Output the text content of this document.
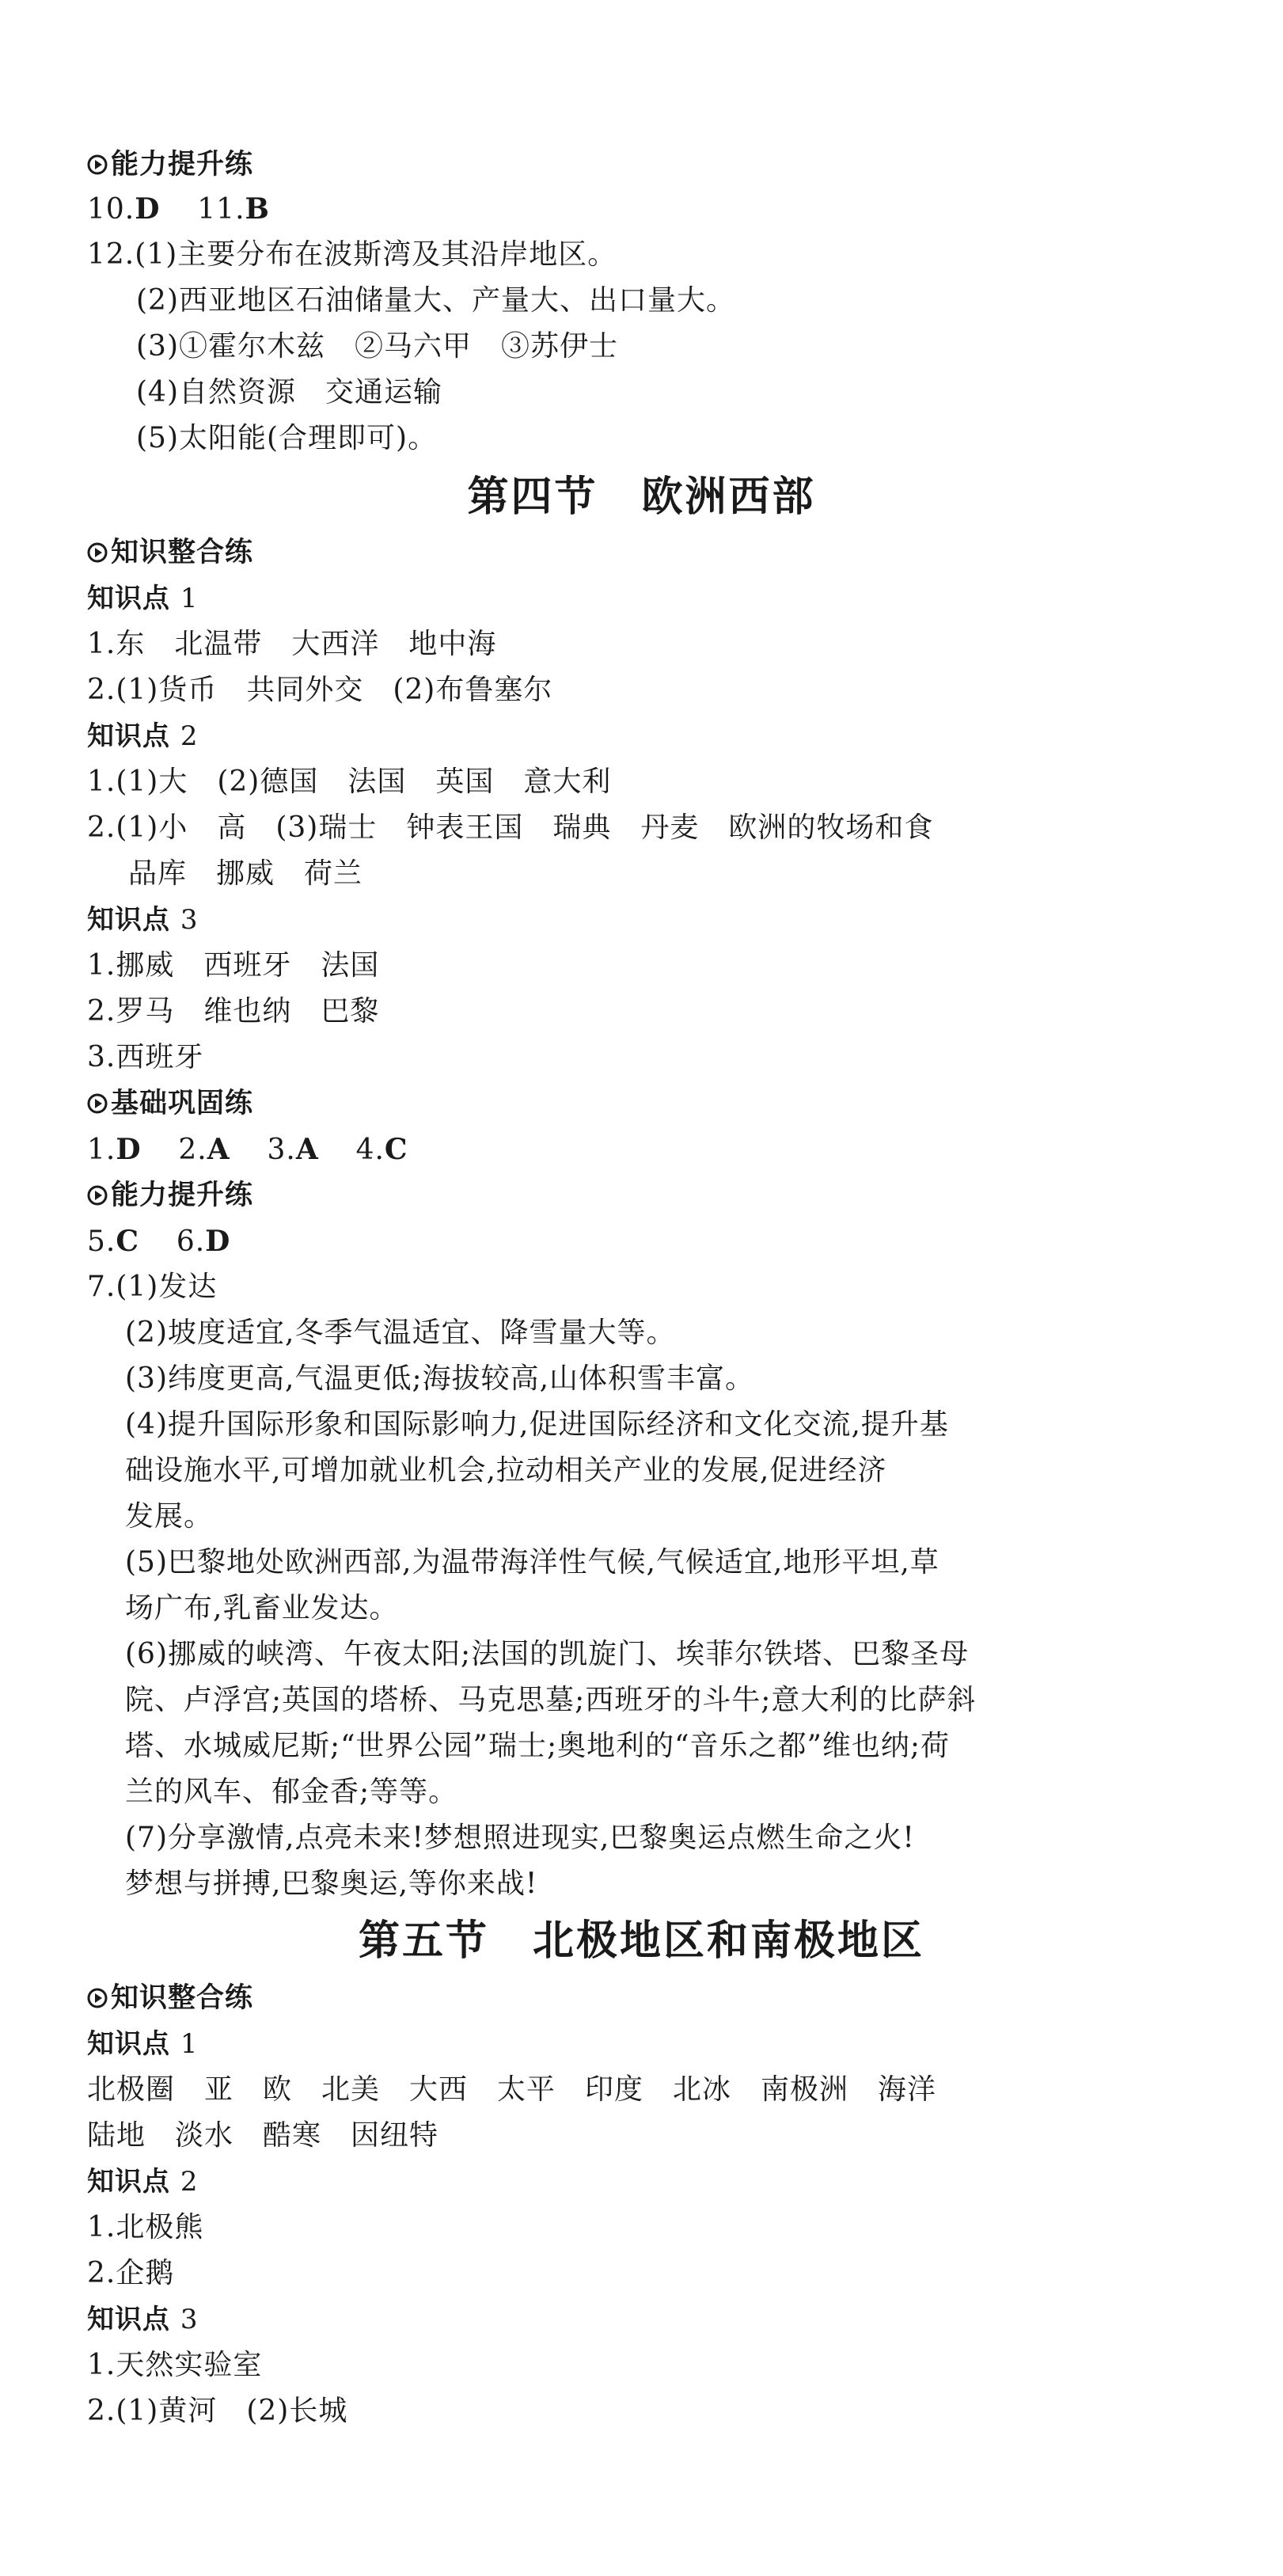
能力提升练
10.D 11.B
12.(1)主要分布在波斯湾及其沿岸地区。
(2)西亚地区石油储量大、产量大、出口量大。
(3)①霍尔木兹　②马六甲　③苏伊士
(4)自然资源　交通运输
(5)太阳能(合理即可)。
第四节　欧洲西部
知识整合练
知识点 1
1.东　北温带　大西洋　地中海
2.(1)货币　共同外交　(2)布鲁塞尔
知识点 2
1.(1)大　(2)德国　法国　英国　意大利
2.(1)小　高　(3)瑞士　钟表王国　瑞典　丹麦　欧洲的牧场和食
品库　挪威　荷兰
知识点 3
1.挪威　西班牙　法国
2.罗马　维也纳　巴黎
3.西班牙
基础巩固练
1.D 2.A 3.A 4.C
能力提升练
5.C 6.D
7.(1)发达
(2)坡度适宜,冬季气温适宜、降雪量大等。
(3)纬度更高,气温更低;海拔较高,山体积雪丰富。
(4)提升国际形象和国际影响力,促进国际经济和文化交流,提升基
础设施水平,可增加就业机会,拉动相关产业的发展,促进经济
发展。
(5)巴黎地处欧洲西部,为温带海洋性气候,气候适宜,地形平坦,草
场广布,乳畜业发达。
(6)挪威的峡湾、午夜太阳;法国的凯旋门、埃菲尔铁塔、巴黎圣母
院、卢浮宫;英国的塔桥、马克思墓;西班牙的斗牛;意大利的比萨斜
塔、水城威尼斯;“世界公园”瑞士;奥地利的“音乐之都”维也纳;荷
兰的风车、郁金香;等等。
(7)分享激情,点亮未来!梦想照进现实,巴黎奥运点燃生命之火!
梦想与拼搏,巴黎奥运,等你来战!
第五节　北极地区和南极地区
知识整合练
知识点 1
北极圈　亚　欧　北美　大西　太平　印度　北冰　南极洲　海洋
陆地　淡水　酷寒　因纽特
知识点 2
1.北极熊
2.企鹅
知识点 3
1.天然实验室
2.(1)黄河　(2)长城
